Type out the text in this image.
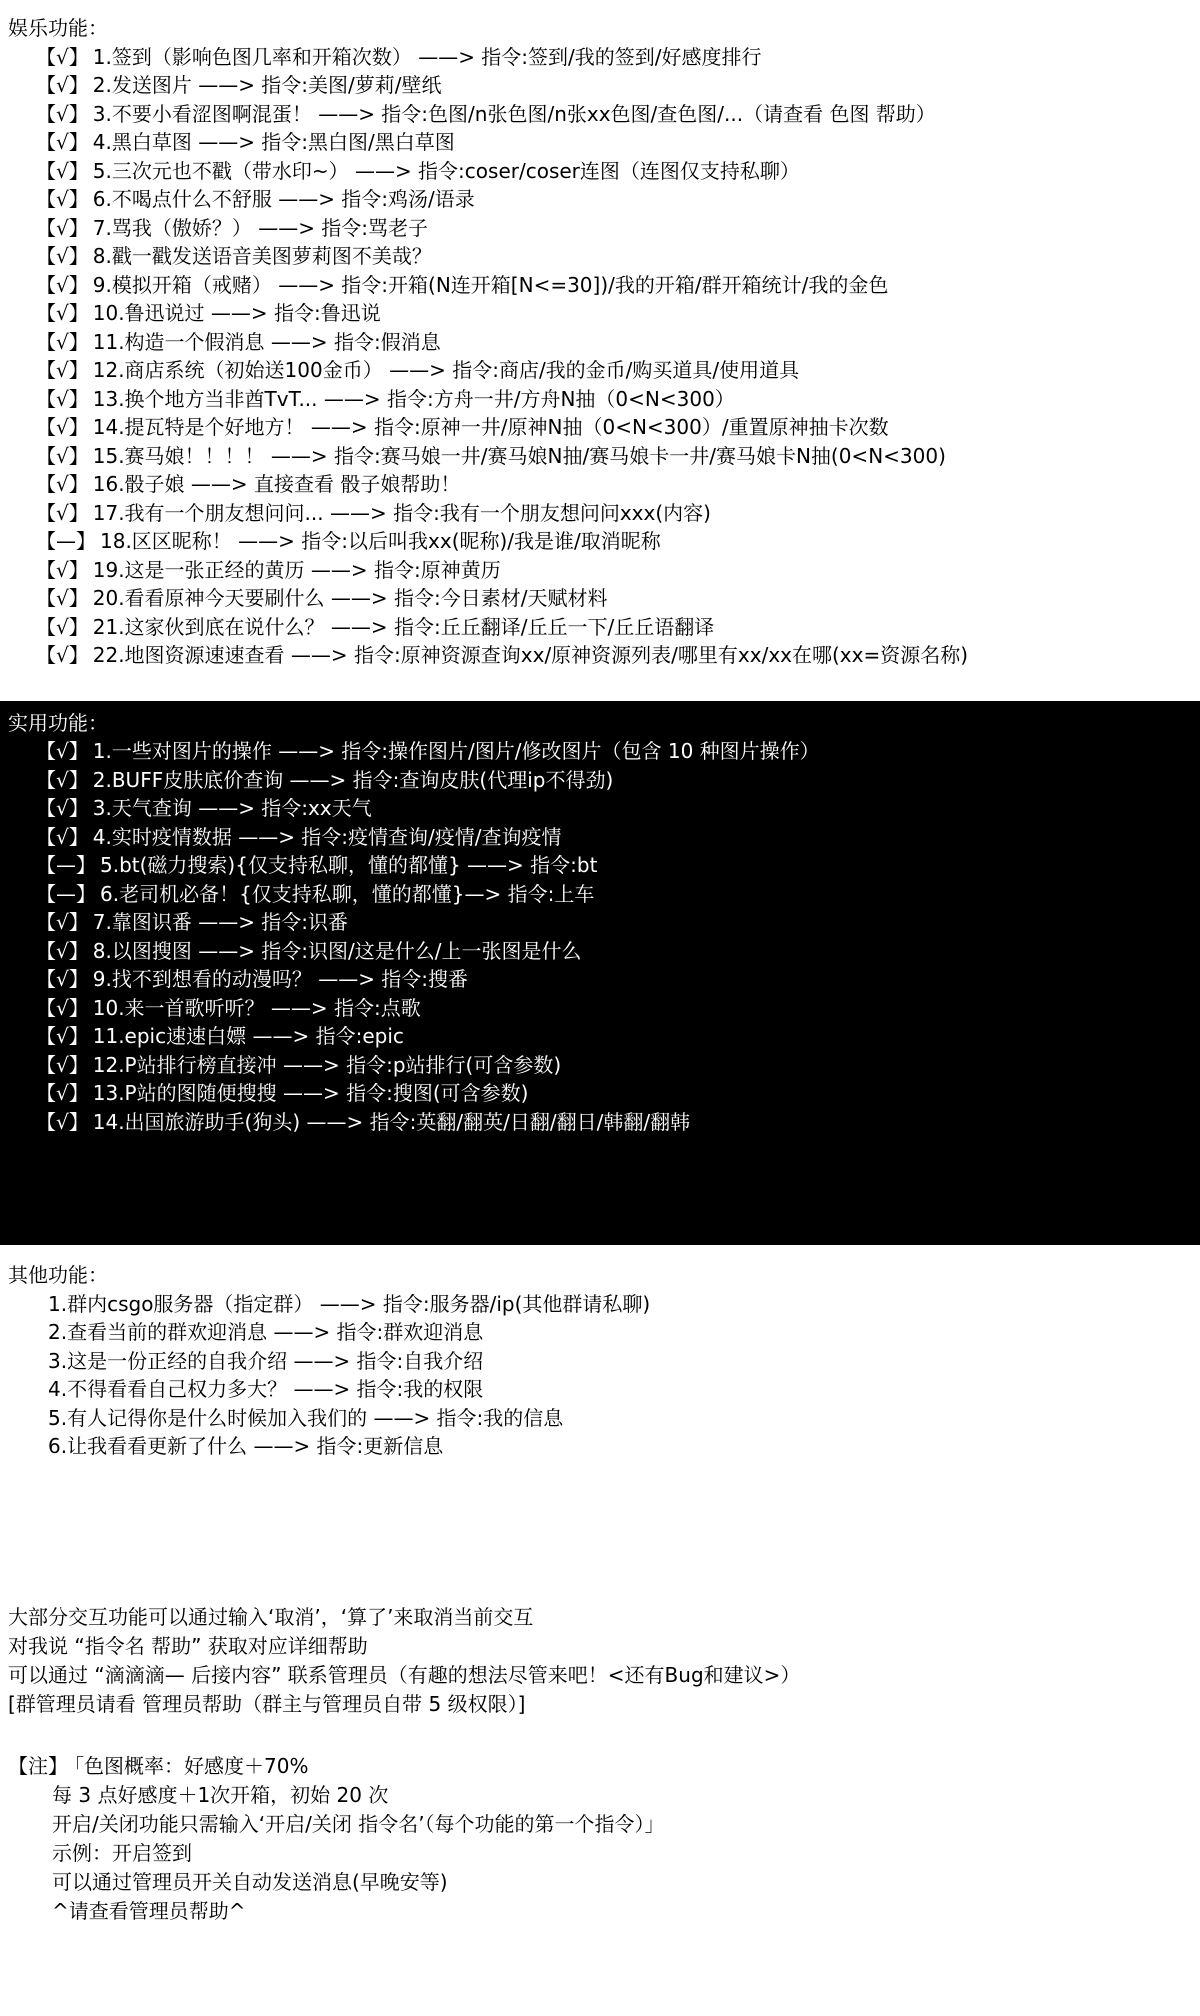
娱乐功能：
【√】 1.签到（影响色图几率和开箱次数） ——> 指令:签到/我的签到/好感度排行
【√】 2.发送图片 ——> 指令:美图/萝莉/壁纸
【√】 3.不要小看涩图啊混蛋！ ——> 指令:色图/n张色图/n张xx色图/查色图/...（请查看 色图 帮助）
【√】 4.黑白草图 ——> 指令:黑白图/黑白草图
【√】 5.三次元也不戳（带水印~） ——> 指令:coser/coser连图（连图仅支持私聊）
【√】 6.不喝点什么不舒服 ——> 指令:鸡汤/语录
【√】 7.骂我（傲娇？） ——> 指令:骂老子
【√】 8.戳一戳发送语音美图萝莉图不美哉？
【√】 9.模拟开箱（戒赌） ——> 指令:开箱(N连开箱[N<=30])/我的开箱/群开箱统计/我的金色
【√】 10.鲁迅说过 ——> 指令:鲁迅说
【√】 11.构造一个假消息 ——> 指令:假消息
【√】 12.商店系统（初始送100金币） ——> 指令:商店/我的金币/购买道具/使用道具
【√】 13.换个地方当非酋TvT... ——> 指令:方舟一井/方舟N抽（0<N<300）
【√】 14.提瓦特是个好地方！ ——> 指令:原神一井/原神N抽（0<N<300）/重置原神抽卡次数
【√】 15.赛马娘！！！！ ——> 指令:赛马娘一井/赛马娘N抽/赛马娘卡一井/赛马娘卡N抽(0<N<300)
【√】 16.骰子娘 ——> 直接查看 骰子娘帮助！
【√】 17.我有一个朋友想问问... ——> 指令:我有一个朋友想问问xxx(内容)
【—】 18.区区昵称！ ——> 指令:以后叫我xx(昵称)/我是谁/取消昵称
【√】 19.这是一张正经的黄历 ——> 指令:原神黄历
【√】 20.看看原神今天要刷什么 ——> 指令:今日素材/天赋材料
【√】 21.这家伙到底在说什么？ ——> 指令:丘丘翻译/丘丘一下/丘丘语翻译
【√】 22.地图资源速速查看 ——> 指令:原神资源查询xx/原神资源列表/哪里有xx/xx在哪(xx=资源名称)
实用功能：
【√】 1.一些对图片的操作 ——> 指令:操作图片/图片/修改图片（包含 10 种图片操作）
【√】 2.BUFF皮肤底价查询 ——> 指令:查询皮肤(代理ip不得劲)
【√】 3.天气查询 ——> 指令:xx天气
【√】 4.实时疫情数据 ——> 指令:疫情查询/疫情/查询疫情
【—】 5.bt(磁力搜索){仅支持私聊，懂的都懂} ——> 指令:bt
【—】 6.老司机必备！{仅支持私聊，懂的都懂}—> 指令:上车
【√】 7.靠图识番 ——> 指令:识番
【√】 8.以图搜图 ——> 指令:识图/这是什么/上一张图是什么
【√】 9.找不到想看的动漫吗？ ——> 指令:搜番
【√】 10.来一首歌听听？ ——> 指令:点歌
【√】 11.epic速速白嫖 ——> 指令:epic
【√】 12.P站排行榜直接冲 ——> 指令:p站排行(可含参数)
【√】 13.P站的图随便搜搜 ——> 指令:搜图(可含参数)
【√】 14.出国旅游助手(狗头) ——> 指令:英翻/翻英/日翻/翻日/韩翻/翻韩
其他功能：
1.群内csgo服务器（指定群） ——> 指令:服务器/ip(其他群请私聊)
2.查看当前的群欢迎消息 ——> 指令:群欢迎消息
3.这是一份正经的自我介绍 ——> 指令:自我介绍
4.不得看看自己权力多大？ ——> 指令:我的权限
5.有人记得你是什么时候加入我们的 ——> 指令:我的信息
6.让我看看更新了什么 ——> 指令:更新信息
大部分交互功能可以通过输入‘取消’，‘算了’来取消当前交互
对我说 “指令名 帮助” 获取对应详细帮助
可以通过 “滴滴滴— 后接内容” 联系管理员（有趣的想法尽管来吧！<还有Bug和建议>）
[群管理员请看 管理员帮助（群主与管理员自带 5 级权限）]
【注】 「色图概率：好感度＋70%
每 3 点好感度＋1次开箱，初始 20 次
开启/关闭功能只需输入‘开启/关闭 指令名’（每个功能的第一个指令）」
示例：开启签到
可以通过管理员开关自动发送消息(早晚安等)
^请查看管理员帮助^
